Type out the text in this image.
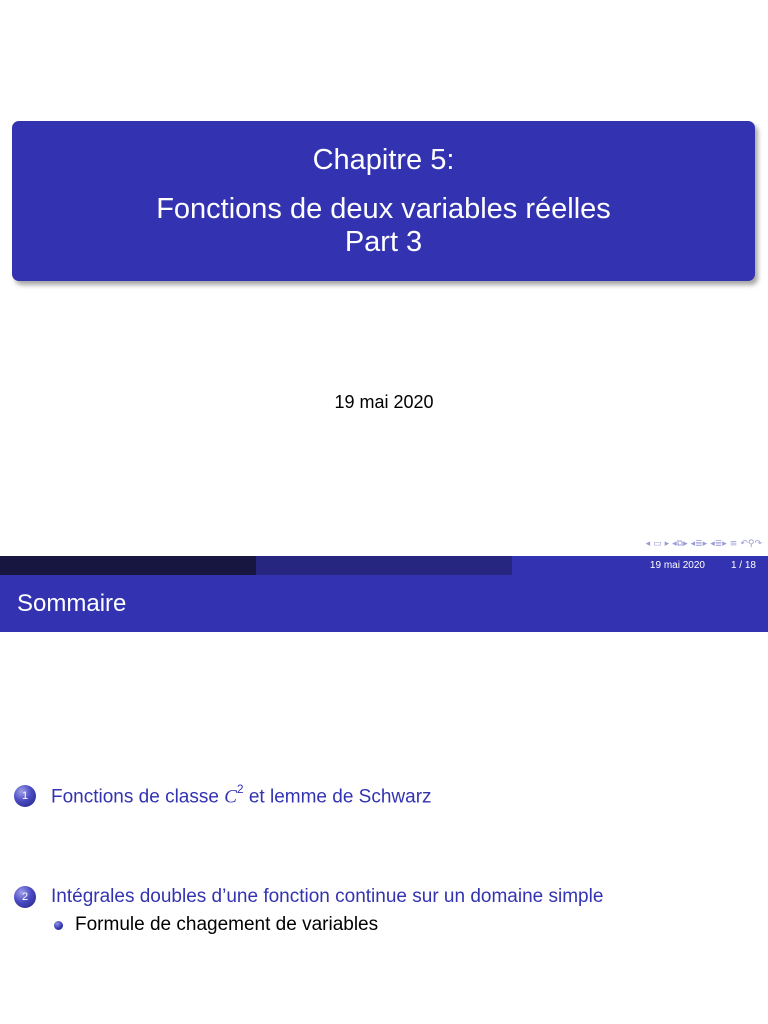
Chapitre 5:
Fonctions de deux variables réelles
Part 3
19 mai 2020
◂ ▭ ▸ ◂⧉▸ ◂≣▸ ◂≣▸ ≡ ↶⚲↷
19 mai 2020	1 / 18
Sommaire
1	Fonctions de classe $C^2$ et lemme de Schwarz
2	Intégrales doubles d’une fonction continue sur un domaine simple
Formule de chagement de variables
